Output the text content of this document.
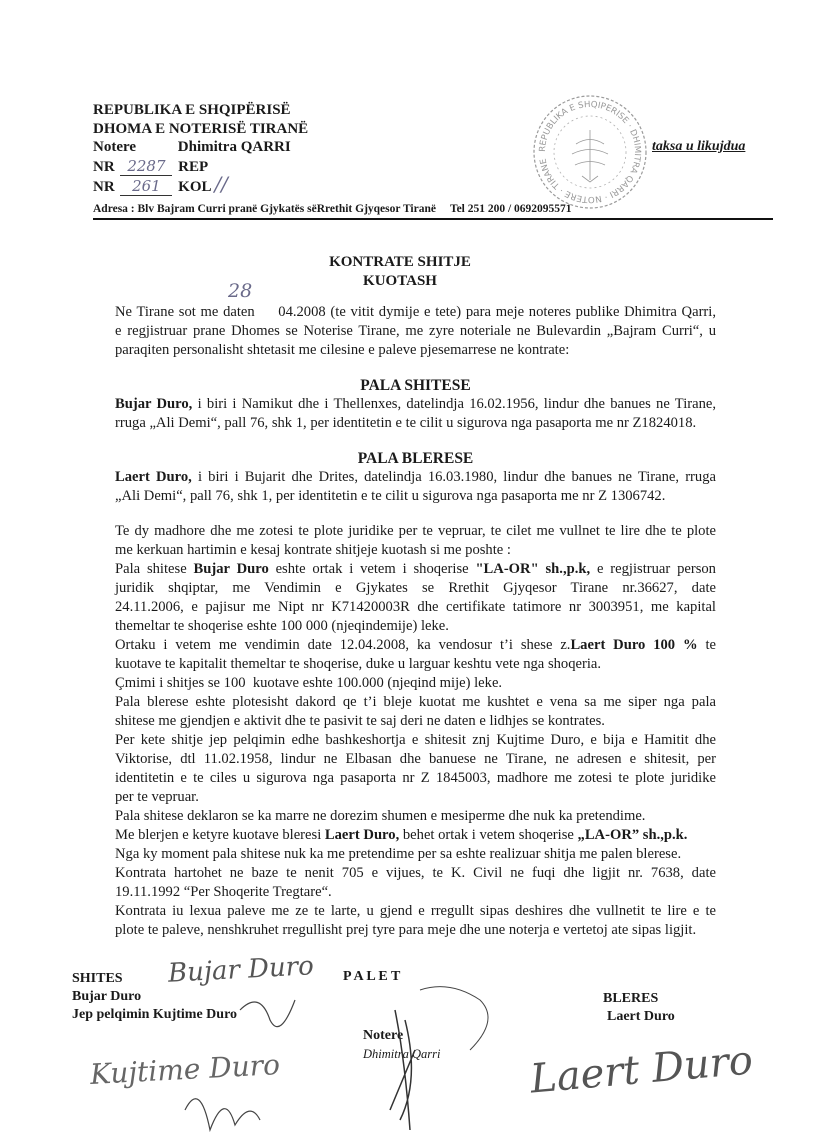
REPUBLIKA E SHQIPËRISË
DHOMA E NOTERISË TIRANË
Notere	Dhimitra QARRI
NR 2287 REP
NR 261 KOL //
Adresa : Blv Bajram Curri pranë Gjykatës sëRrethit Gjyqesor Tiranë Tel 251 200 / 0692095571
REPUBLIKA E SHQIPERISE · DHIMITRA QARRI · NOTERE · TIRANE
taksa u likujdua
KONTRATE SHITJE
KUOTASH
28
Ne Tirane sot me daten     04.2008 (te vitit dymije e tete) para meje noteres publike Dhimitra Qarri,
e regjistruar prane Dhomes se Noterise Tirane, me zyre noteriale ne Bulevardin „Bajram Curri“, u
paraqiten personalisht shtetasit me cilesine e paleve pjesemarrese ne kontrate:
PALA SHITESE
Bujar Duro, i biri i Namikut dhe i Thellenxes, datelindja 16.02.1956, lindur dhe banues ne Tirane,
rruga „Ali Demi“, pall 76, shk 1, per identitetin e te cilit u sigurova nga pasaporta me nr Z1824018.
PALA BLERESE
Laert Duro, i biri i Bujarit dhe Drites, datelindja 16.03.1980, lindur dhe banues ne Tirane, rruga
„Ali Demi“, pall 76, shk 1, per identitetin e te cilit u sigurova nga pasaporta me nr Z 1306742.
Te dy madhore dhe me zotesi te plote juridike per te vepruar, te cilet me vullnet te lire dhe te plote
me kerkuan hartimin e kesaj kontrate shitjeje kuotash si me poshte :
Pala shitese Bujar Duro eshte ortak i vetem i shoqerise "LA-OR" sh.,p.k, e regjistruar person
juridik shqiptar, me Vendimin e Gjykates se Rrethit Gjyqesor Tirane nr.36627, date
24.11.2006, e pajisur me Nipt nr K71420003R dhe certifikate tatimore nr 3003951, me kapital
themeltar te shoqerise eshte 100 000 (njeqindemije) leke.
Ortaku i vetem me vendimin date 12.04.2008, ka vendosur t’i shese z.Laert Duro 100 % te
kuotave te kapitalit themeltar te shoqerise, duke u larguar keshtu vete nga shoqeria.
Çmimi i shitjes se 100  kuotave eshte 100.000 (njeqind mije) leke.
Pala blerese eshte plotesisht dakord qe t’i bleje kuotat me kushtet e vena sa me siper nga pala
shitese me gjendjen e aktivit dhe te pasivit te saj deri ne daten e lidhjes se kontrates.
Per kete shitje jep pelqimin edhe bashkeshortja e shitesit znj Kujtime Duro, e bija e Hamitit dhe
Viktorise, dtl 11.02.1958, lindur ne Elbasan dhe banuese ne Tirane, ne adresen e shitesit, per
identitetin e te ciles u sigurova nga pasaporta nr Z 1845003, madhore me zotesi te plote juridike
per te vepruar.
Pala shitese deklaron se ka marre ne dorezim shumen e mesiperme dhe nuk ka pretendime.
Me blerjen e ketyre kuotave bleresi Laert Duro, behet ortak i vetem shoqerise „LA-OR” sh.,p.k.
Nga ky moment pala shitese nuk ka me pretendime per sa eshte realizuar shitja me palen blerese.
Kontrata hartohet ne baze te nenit 705 e vijues, te K. Civil ne fuqi dhe ligjit nr. 7638, date
19.11.1992 “Per Shoqerite Tregtare“.
Kontrata iu lexua paleve me ze te larte, u gjend e rregullt sipas deshires dhe vullnetit te lire e te
plote te paleve, nenshkruhet rregullisht prej tyre para meje dhe une noterja e vertetoj ate sipas ligjit.
SHITES
Bujar Duro
Jep pelqimin Kujtime Duro
P A L E T
Notere
Dhimitra Qarri
BLERES
Laert Duro
Bujar Duro
Kujtime Duro	Laert Duro
